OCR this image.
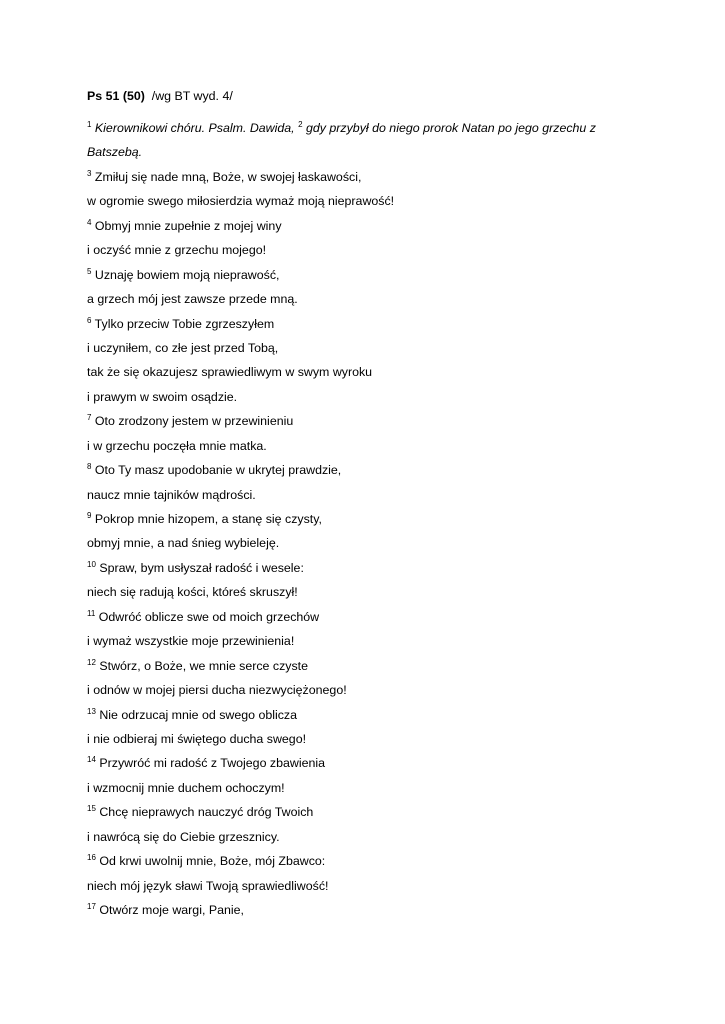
Ps 51 (50) /wg BT wyd. 4/
$^1$ Kierownikowi chóru. Psalm. Dawida, $^2$ gdy przybył do niego prorok Natan po jego grzechu z
Batszebą.
$^3$ Zmiłuj się nade mną, Boże, w swojej łaskawości,
w ogromie swego miłosierdzia wymaż moją nieprawość!
$^4$ Obmyj mnie zupełnie z mojej winy
i oczyść mnie z grzechu mojego!
$^5$ Uznaję bowiem moją nieprawość,
a grzech mój jest zawsze przede mną.
$^6$ Tylko przeciw Tobie zgrzeszyłem
i uczyniłem, co złe jest przed Tobą,
tak że się okazujesz sprawiedliwym w swym wyroku
i prawym w swoim osądzie.
$^7$ Oto zrodzony jestem w przewinieniu
i w grzechu poczęła mnie matka.
$^8$ Oto Ty masz upodobanie w ukrytej prawdzie,
naucz mnie tajników mądrości.
$^9$ Pokrop mnie hizopem, a stanę się czysty,
obmyj mnie, a nad śnieg wybieleję.
$^{10}$ Spraw, bym usłyszał radość i wesele:
niech się radują kości, któreś skruszył!
$^{11}$ Odwróć oblicze swe od moich grzechów
i wymaż wszystkie moje przewinienia!
$^{12}$ Stwórz, o Boże, we mnie serce czyste
i odnów w mojej piersi ducha niezwyciężonego!
$^{13}$ Nie odrzucaj mnie od swego oblicza
i nie odbieraj mi świętego ducha swego!
$^{14}$ Przywróć mi radość z Twojego zbawienia
i wzmocnij mnie duchem ochoczym!
$^{15}$ Chcę nieprawych nauczyć dróg Twoich
i nawrócą się do Ciebie grzesznicy.
$^{16}$ Od krwi uwolnij mnie, Boże, mój Zbawco:
niech mój język sławi Twoją sprawiedliwość!
$^{17}$ Otwórz moje wargi, Panie,
